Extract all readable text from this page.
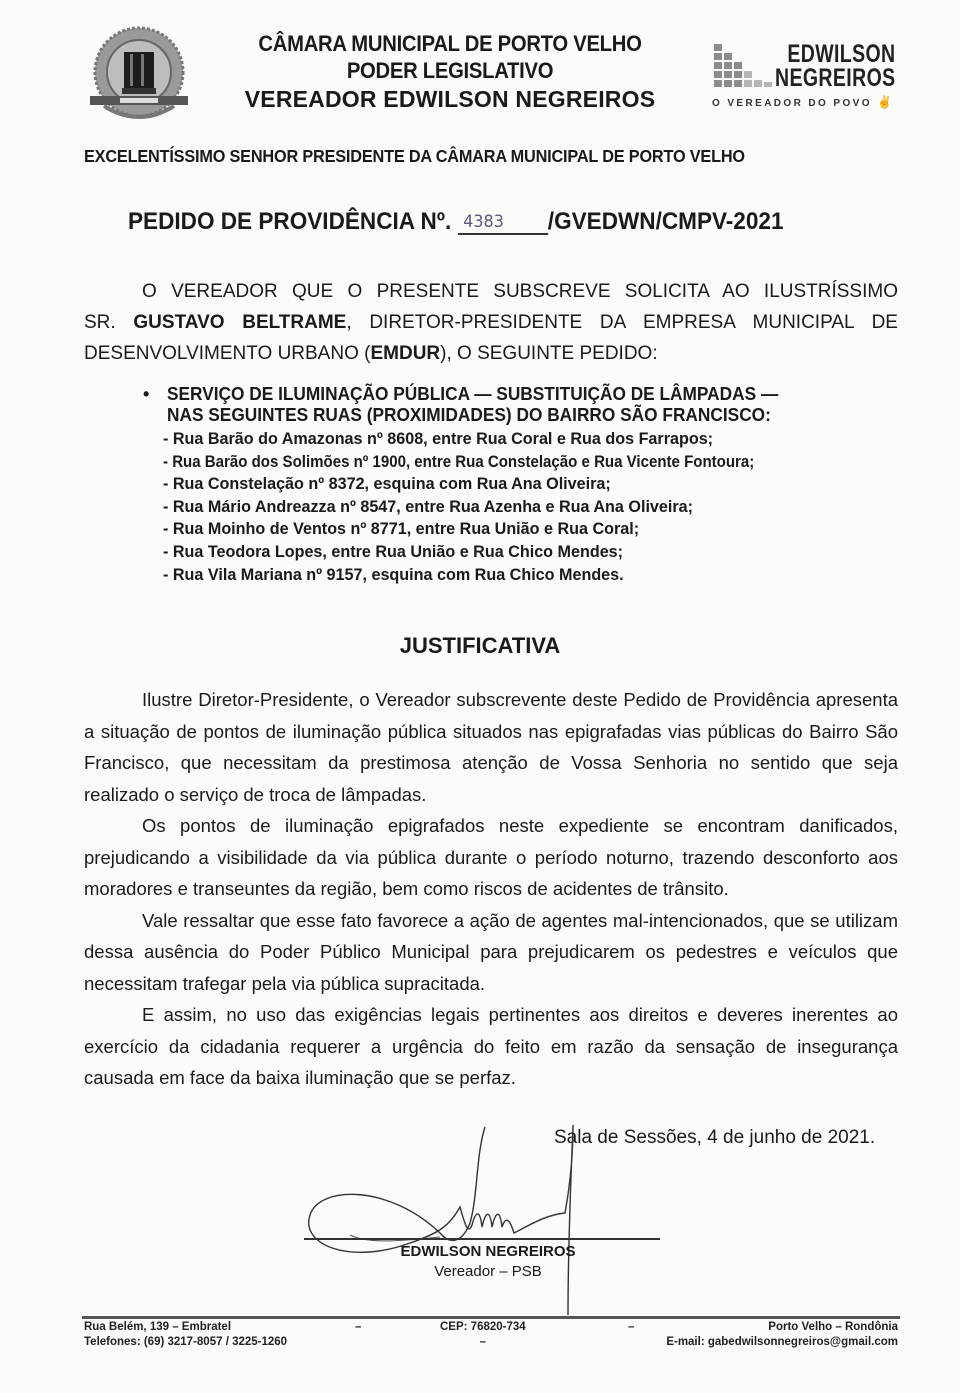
CÂMARA MUNICIPAL DE PORTO VELHO
PODER LEGISLATIVO
VEREADOR EDWILSON NEGREIROS
EDWILSON
NEGREIROS
O VEREADOR DO POVO ✌
EXCELENTÍSSIMO SENHOR PRESIDENTE DA CÂMARA MUNICIPAL DE PORTO VELHO
PEDIDO DE PROVIDÊNCIA Nº. 4383 /GVEDWN/CMPV-2021

O VEREADOR QUE O PRESENTE SUBSCREVE SOLICITA AO ILUSTRÍSSIMO

SR. GUSTAVO BELTRAME, DIRETOR-PRESIDENTE DA EMPRESA MUNICIPAL DE

DESENVOLVIMENTO URBANO (EMDUR), O SEGUINTE PEDIDO:

• SERVIÇO DE ILUMINAÇÃO PÚBLICA — SUBSTITUIÇÃO DE LÂMPADAS —
NAS SEGUINTES RUAS (PROXIMIDADES) DO BAIRRO SÃO FRANCISCO:
- Rua Barão do Amazonas nº 8608, entre Rua Coral e Rua dos Farrapos;
- Rua Barão dos Solimões nº 1900, entre Rua Constelação e Rua Vicente Fontoura;
- Rua Constelação nº 8372, esquina com Rua Ana Oliveira;
- Rua Mário Andreazza nº 8547, entre Rua Azenha e Rua Ana Oliveira;
- Rua Moinho de Ventos nº 8771, entre Rua União e Rua Coral;
- Rua Teodora Lopes, entre Rua União e Rua Chico Mendes;
- Rua Vila Mariana nº 9157, esquina com Rua Chico Mendes.
JUSTIFICATIVA

Ilustre Diretor-Presidente, o Vereador subscrevente deste Pedido de Providência apresenta a situação de pontos de iluminação pública situados nas epigrafadas vias públicas do Bairro São Francisco, que necessitam da prestimosa atenção de Vossa Senhoria no sentido que seja realizado o serviço de troca de lâmpadas.

Os pontos de iluminação epigrafados neste expediente se encontram danificados, prejudicando a visibilidade da via pública durante o período noturno, trazendo desconforto aos moradores e transeuntes da região, bem como riscos de acidentes de trânsito.

Vale ressaltar que esse fato favorece a ação de agentes mal-intencionados, que se utilizam dessa ausência do Poder Público Municipal para prejudicarem os pedestres e veículos que necessitam trafegar pela via pública supracitada.

E assim, no uso das exigências legais pertinentes aos direitos e deveres inerentes ao exercício da cidadania requerer a urgência do feito em razão da sensação de insegurança causada em face da baixa iluminação que se perfaz.

Sala de Sessões, 4 de junho de 2021.
EDWILSON NEGREIROS
Vereador – PSB
Rua Belém, 139 – Embratel
Telefones: (69) 3217-8057 / 3225-1260
–	CEP: 76820-734
–
–	Porto Velho – Rondônia
E-mail: gabedwilsonnegreiros@gmail.com
